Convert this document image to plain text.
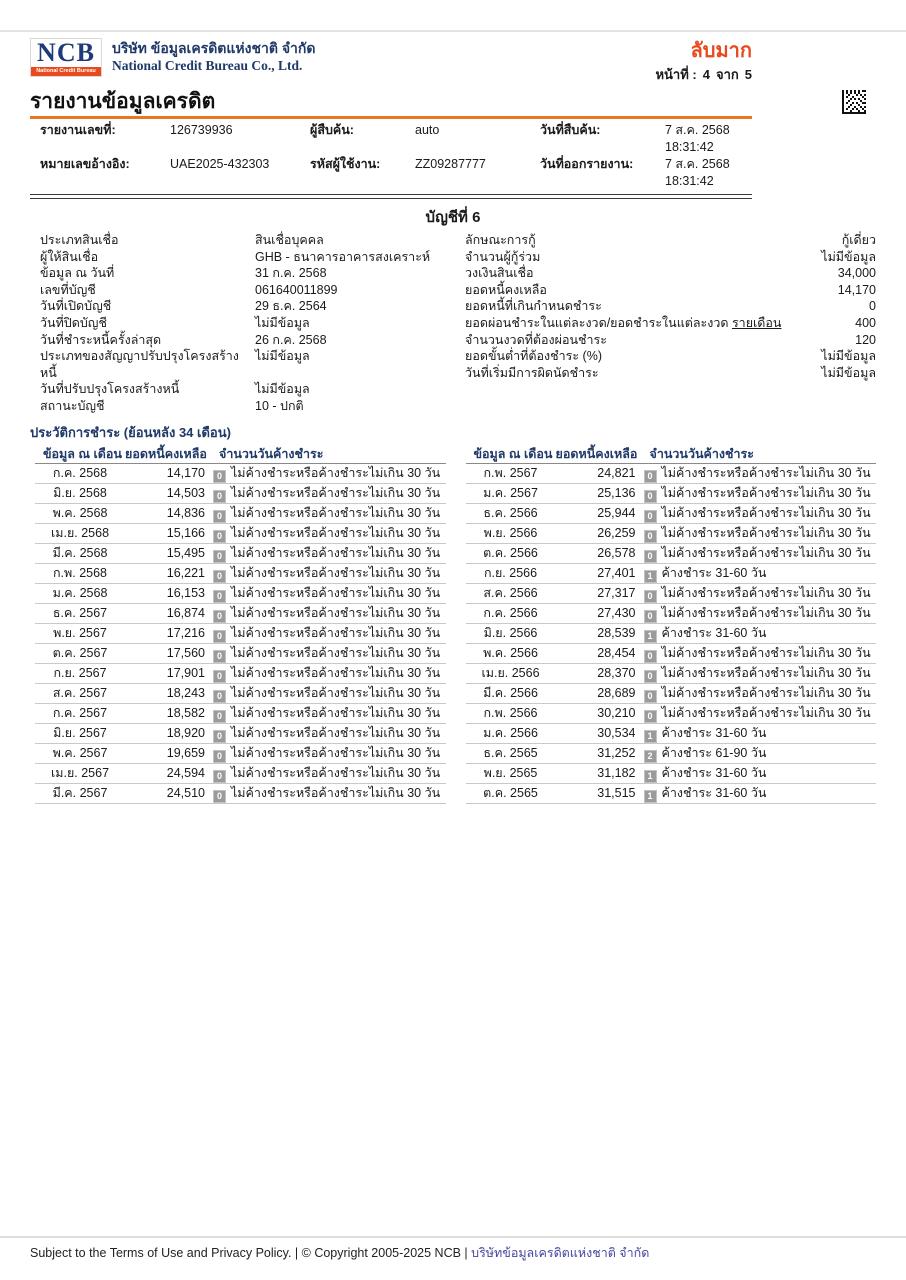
NCB
National Credit Bureau
บริษัท ข้อมูลเครดิตแห่งชาติ จำกัด
National Credit Bureau Co., Ltd.
ลับมาก
หน้าที่ : 4 จาก 5
รายงานข้อมูลเครดิต
รายงานเลขที่:	126739936	ผู้สืบค้น:	auto	วันที่สืบค้น:	7 ส.ค. 2568 18:31:42
หมายเลขอ้างอิง:	UAE2025-432303	รหัสผู้ใช้งาน:	ZZ09287777	วันที่ออกรายงาน:	7 ส.ค. 2568 18:31:42
บัญชีที่ 6
ประเภทสินเชื่อ	สินเชื่อบุคคล
ผู้ให้สินเชื่อ	GHB - ธนาคารอาคารสงเคราะห์
ข้อมูล ณ วันที่	31 ก.ค. 2568
เลขที่บัญชี	061640011899
วันที่เปิดบัญชี	29 ธ.ค. 2564
วันที่ปิดบัญชี	ไม่มีข้อมูล
วันที่ชำระหนี้ครั้งล่าสุด	26 ก.ค. 2568
ประเภทของสัญญาปรับปรุงโครงสร้างหนี้
ไม่มีข้อมูล
วันที่ปรับปรุงโครงสร้างหนี้	ไม่มีข้อมูล
สถานะบัญชี	10 - ปกติ
ลักษณะการกู้	กู้เดี่ยว
จำนวนผู้กู้ร่วม	ไม่มีข้อมูล
วงเงินสินเชื่อ	34,000
ยอดหนี้คงเหลือ	14,170
ยอดหนี้ที่เกินกำหนดชำระ	0
ยอดผ่อนชำระในแต่ละงวด/ยอดชำระในแต่ละงวด รายเดือน	400
จำนวนงวดที่ต้องผ่อนชำระ	120
ยอดขั้นต่ำที่ต้องชำระ (%)	ไม่มีข้อมูล
วันที่เริ่มมีการผิดนัดชำระ	ไม่มีข้อมูล
ประวัติการชำระ (ย้อนหลัง 34 เดือน)
ข้อมูล ณ เดือน ยอดหนี้คงเหลือ จำนวนวันค้างชำระ
ก.ค. 2568	14,170	0 ไม่ค้างชำระหรือค้างชำระไม่เกิน 30 วัน
มิ.ย. 2568	14,503	0 ไม่ค้างชำระหรือค้างชำระไม่เกิน 30 วัน
พ.ค. 2568	14,836	0 ไม่ค้างชำระหรือค้างชำระไม่เกิน 30 วัน
เม.ย. 2568	15,166	0 ไม่ค้างชำระหรือค้างชำระไม่เกิน 30 วัน
มี.ค. 2568	15,495	0 ไม่ค้างชำระหรือค้างชำระไม่เกิน 30 วัน
ก.พ. 2568	16,221	0 ไม่ค้างชำระหรือค้างชำระไม่เกิน 30 วัน
ม.ค. 2568	16,153	0 ไม่ค้างชำระหรือค้างชำระไม่เกิน 30 วัน
ธ.ค. 2567	16,874	0 ไม่ค้างชำระหรือค้างชำระไม่เกิน 30 วัน
พ.ย. 2567	17,216	0 ไม่ค้างชำระหรือค้างชำระไม่เกิน 30 วัน
ต.ค. 2567	17,560	0 ไม่ค้างชำระหรือค้างชำระไม่เกิน 30 วัน
ก.ย. 2567	17,901	0 ไม่ค้างชำระหรือค้างชำระไม่เกิน 30 วัน
ส.ค. 2567	18,243	0 ไม่ค้างชำระหรือค้างชำระไม่เกิน 30 วัน
ก.ค. 2567	18,582	0 ไม่ค้างชำระหรือค้างชำระไม่เกิน 30 วัน
มิ.ย. 2567	18,920	0 ไม่ค้างชำระหรือค้างชำระไม่เกิน 30 วัน
พ.ค. 2567	19,659	0 ไม่ค้างชำระหรือค้างชำระไม่เกิน 30 วัน
เม.ย. 2567	24,594	0 ไม่ค้างชำระหรือค้างชำระไม่เกิน 30 วัน
มี.ค. 2567	24,510	0 ไม่ค้างชำระหรือค้างชำระไม่เกิน 30 วัน
ข้อมูล ณ เดือน ยอดหนี้คงเหลือ จำนวนวันค้างชำระ
ก.พ. 2567	24,821	0 ไม่ค้างชำระหรือค้างชำระไม่เกิน 30 วัน
ม.ค. 2567	25,136	0 ไม่ค้างชำระหรือค้างชำระไม่เกิน 30 วัน
ธ.ค. 2566	25,944	0 ไม่ค้างชำระหรือค้างชำระไม่เกิน 30 วัน
พ.ย. 2566	26,259	0 ไม่ค้างชำระหรือค้างชำระไม่เกิน 30 วัน
ต.ค. 2566	26,578	0 ไม่ค้างชำระหรือค้างชำระไม่เกิน 30 วัน
ก.ย. 2566	27,401	1 ค้างชำระ 31-60 วัน
ส.ค. 2566	27,317	0 ไม่ค้างชำระหรือค้างชำระไม่เกิน 30 วัน
ก.ค. 2566	27,430	0 ไม่ค้างชำระหรือค้างชำระไม่เกิน 30 วัน
มิ.ย. 2566	28,539	1 ค้างชำระ 31-60 วัน
พ.ค. 2566	28,454	0 ไม่ค้างชำระหรือค้างชำระไม่เกิน 30 วัน
เม.ย. 2566	28,370	0 ไม่ค้างชำระหรือค้างชำระไม่เกิน 30 วัน
มี.ค. 2566	28,689	0 ไม่ค้างชำระหรือค้างชำระไม่เกิน 30 วัน
ก.พ. 2566	30,210	0 ไม่ค้างชำระหรือค้างชำระไม่เกิน 30 วัน
ม.ค. 2566	30,534	1 ค้างชำระ 31-60 วัน
ธ.ค. 2565	31,252	2 ค้างชำระ 61-90 วัน
พ.ย. 2565	31,182	1 ค้างชำระ 31-60 วัน
ต.ค. 2565	31,515	1 ค้างชำระ 31-60 วัน
Subject to the Terms of Use and Privacy Policy. | © Copyright 2005-2025 NCB | บริษัทข้อมูลเครดิตแห่งชาติ จำกัด
